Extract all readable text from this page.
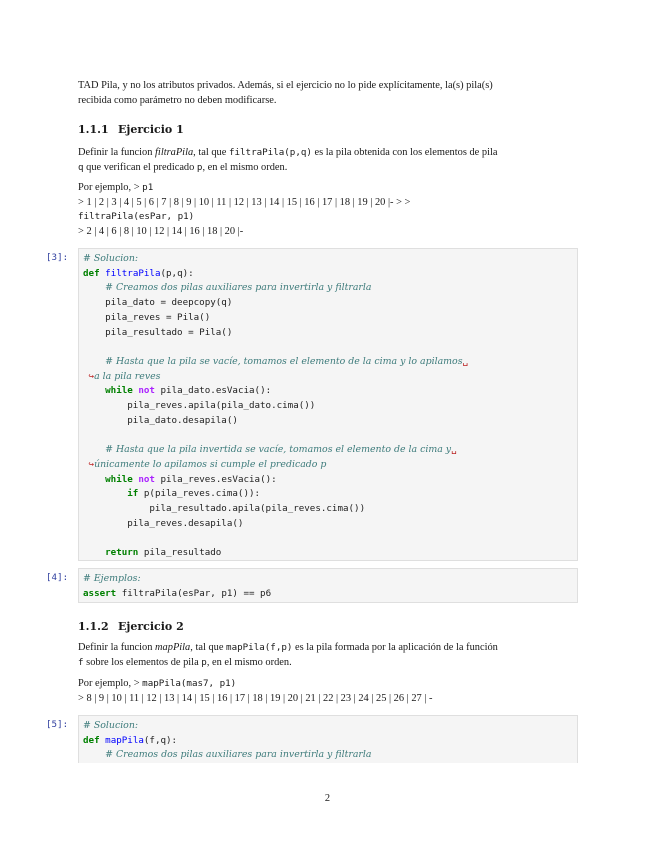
TAD Pila, y no los atributos privados. Además, si el ejercicio no lo pide explícitamente, la(s) pila(s)
recibida como parámetro no deben modificarse.
1.1.1 Ejercicio 1
Definir la funcion filtraPila, tal que filtraPila(p,q) es la pila obtenida con los elementos de pila
q que verifican el predicado p, en el mismo orden.
Por ejemplo, > p1
> 1 | 2 | 3 | 4 | 5 | 6 | 7 | 8 | 9 | 10 | 11 | 12 | 13 | 14 | 15 | 16 | 17 | 18 | 19 | 20 |- > >
filtraPila(esPar, p1)
> 2 | 4 | 6 | 8 | 10 | 12 | 14 | 16 | 18 | 20 |-
[3]:	# Solucion:
def filtraPila(p,q):
# Creamos dos pilas auxiliares para invertirla y filtrarla
pila_dato = deepcopy(q)
pila_reves = Pila()
pila_resultado = Pila()

# Hasta que la pila se vacíe, tomamos el elemento de la cima y lo apilamos␣
↪a la pila reves
while not pila_dato.esVacia():
pila_reves.apila(pila_dato.cima())
pila_dato.desapila()

# Hasta que la pila invertida se vacíe, tomamos el elemento de la cima y␣
↪únicamente lo apilamos si cumple el predicado p
while not pila_reves.esVacia():
if p(pila_reves.cima()):
pila_resultado.apila(pila_reves.cima())
pila_reves.desapila()

return pila_resultado
[4]:	# Ejemplos:
assert filtraPila(esPar, p1) == p6
1.1.2 Ejercicio 2
Definir la funcion mapPila, tal que mapPila(f,p) es la pila formada por la aplicación de la función
f sobre los elementos de pila p, en el mismo orden.
Por ejemplo, > mapPila(mas7, p1)
> 8 | 9 | 10 | 11 | 12 | 13 | 14 | 15 | 16 | 17 | 18 | 19 | 20 | 21 | 22 | 23 | 24 | 25 | 26 | 27 | -
[5]:	# Solucion:
def mapPila(f,q):
# Creamos dos pilas auxiliares para invertirla y filtrarla
2
